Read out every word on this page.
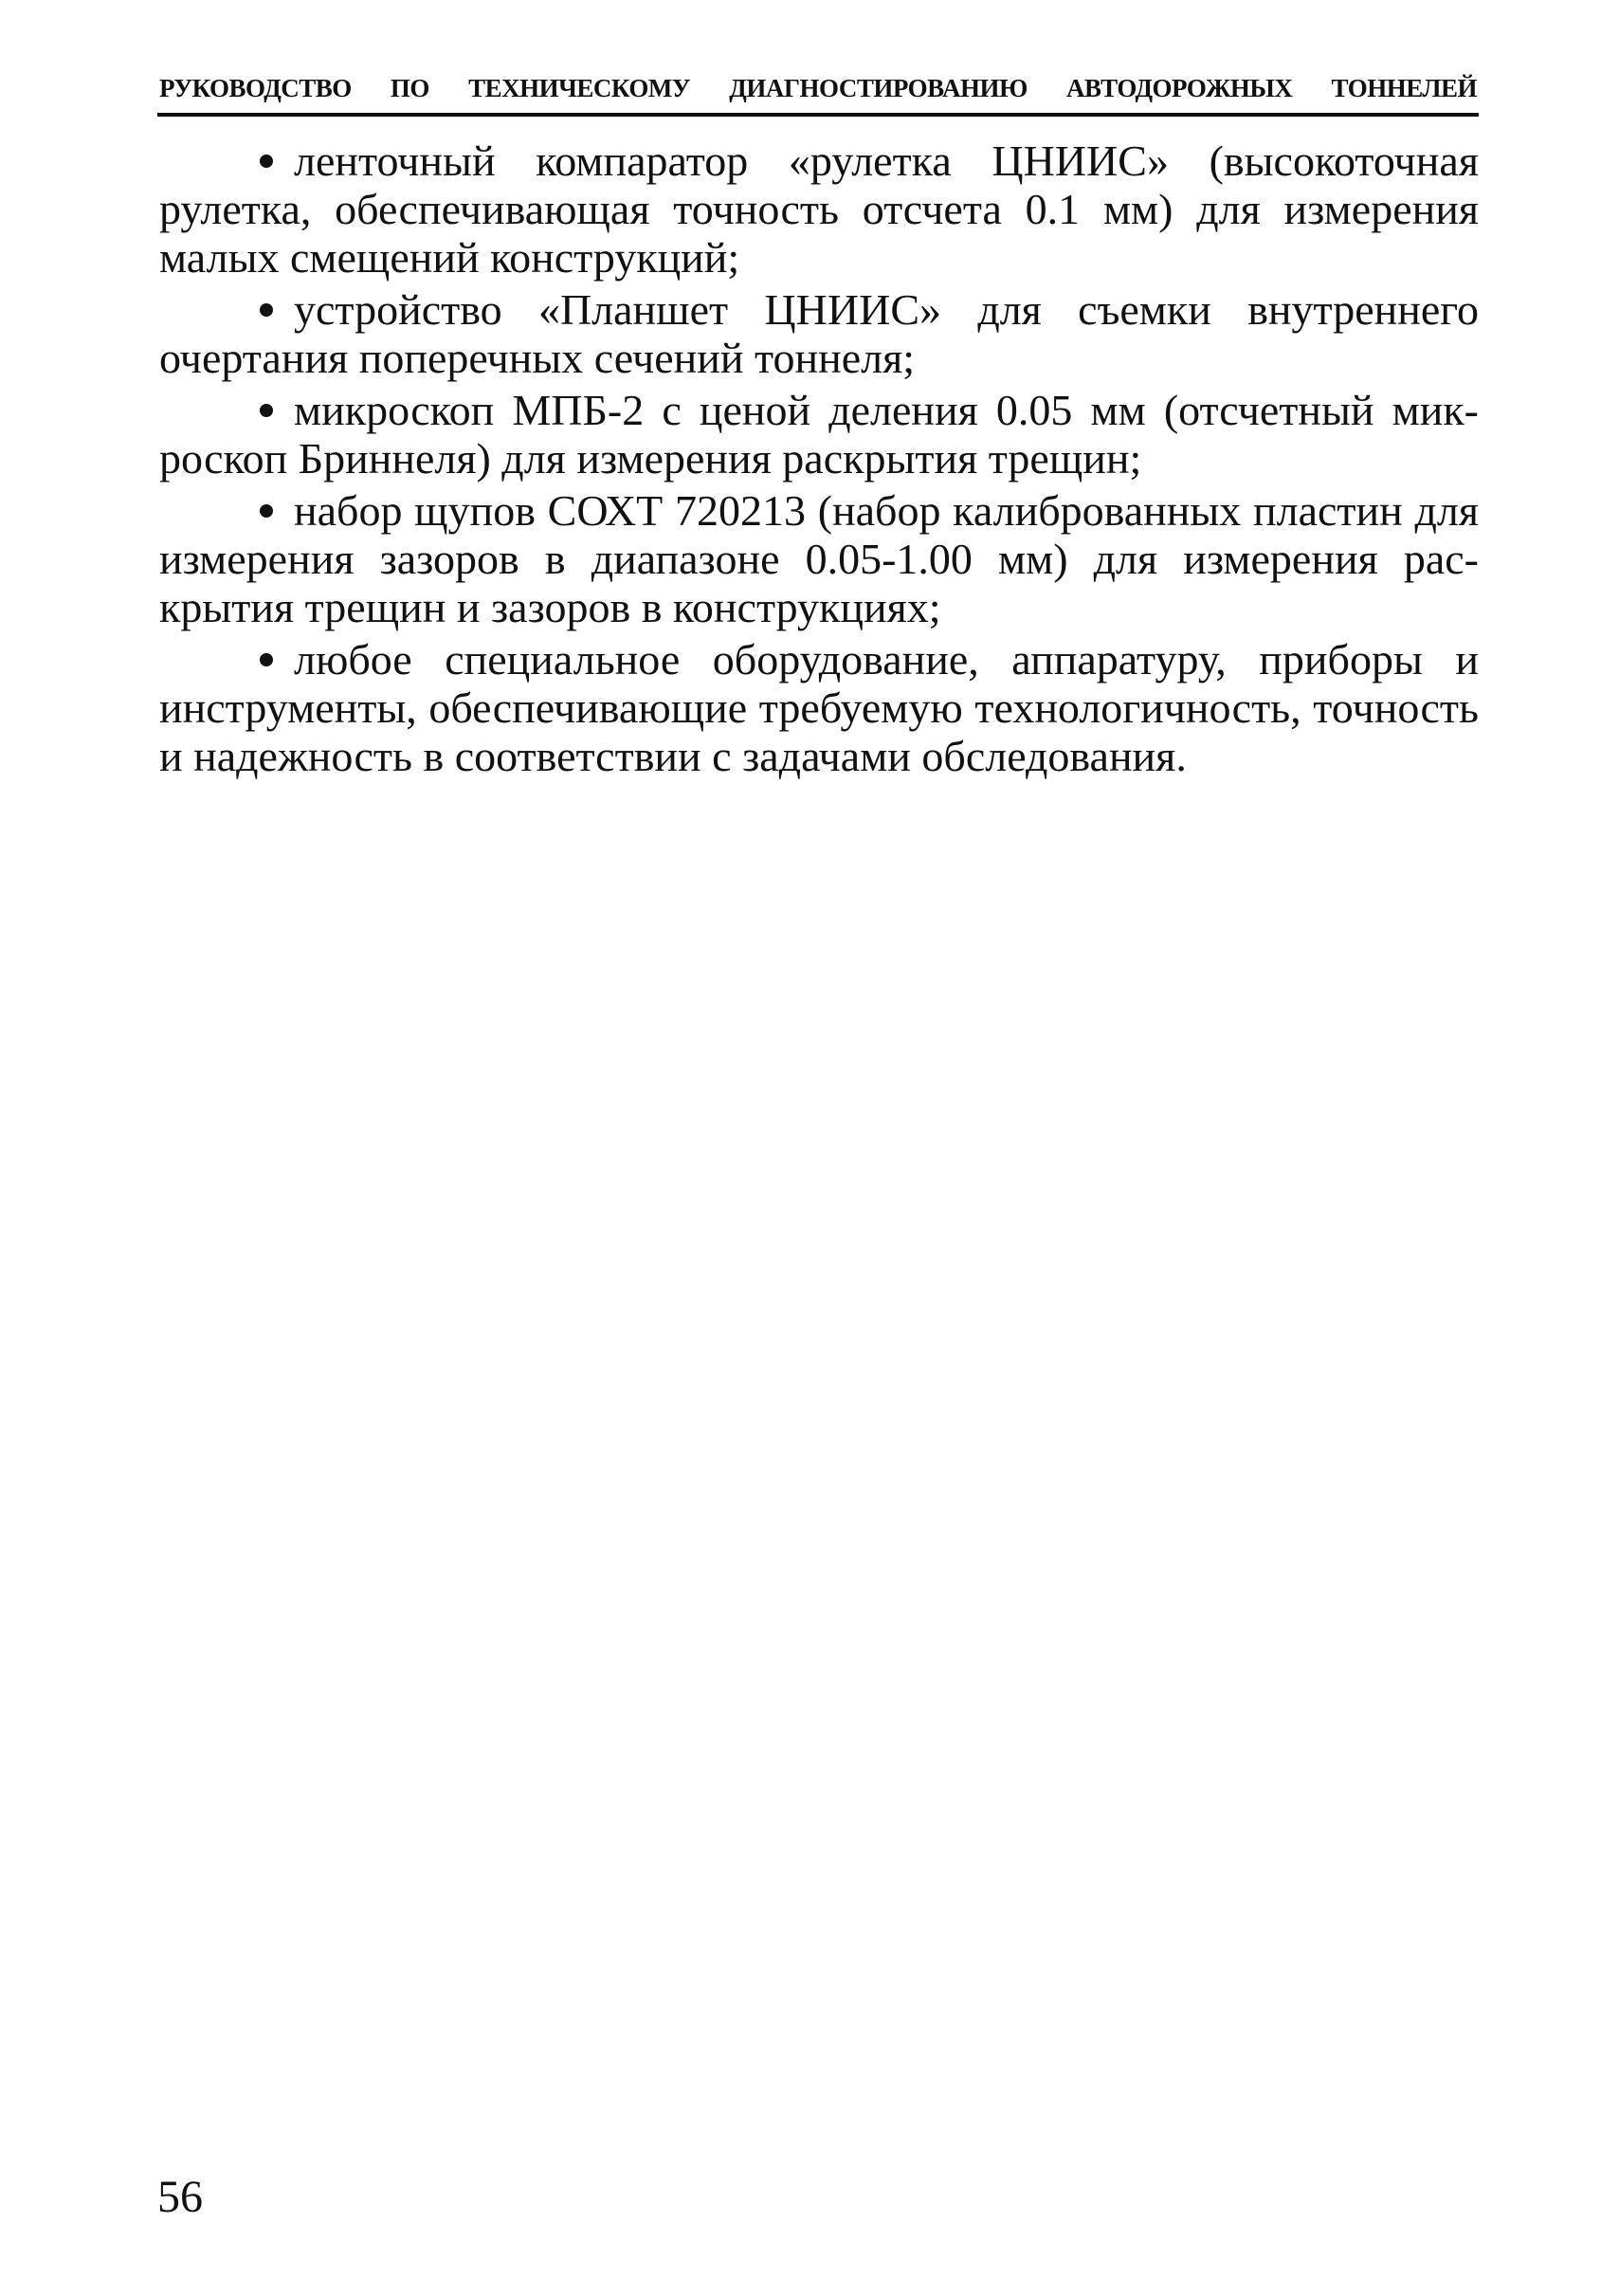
РУКОВОДСТВО ПО ТЕХНИЧЕСКОМУ ДИАГНОСТИРОВАНИЮ АВТОДОРОЖНЫХ ТОННЕЛЕЙ

ленточный компаратор «рулетка ЦНИИС» (высокоточная рулетка, обеспечивающая точность отсчета 0.1 мм) для измерения малых смещений конструкций;

устройство «Планшет ЦНИИС» для съемки внутреннего очертания поперечных сечений тоннеля;

микроскоп МПБ-2 с ценой деления 0.05 мм (отсчетный микроскоп Бриннеля) для измерения раскрытия трещин;

набор щупов СОХТ 720213 (набор калиброванных пластин для измерения зазоров в диапазоне 0.05-1.00 мм) для измерения раскрытия трещин и зазоров в конструкциях;

любое специальное оборудование, аппаратуру, приборы и инструменты, обеспечивающие требуемую технологичность, точность и надежность в соответствии с задачами обследования.

56
